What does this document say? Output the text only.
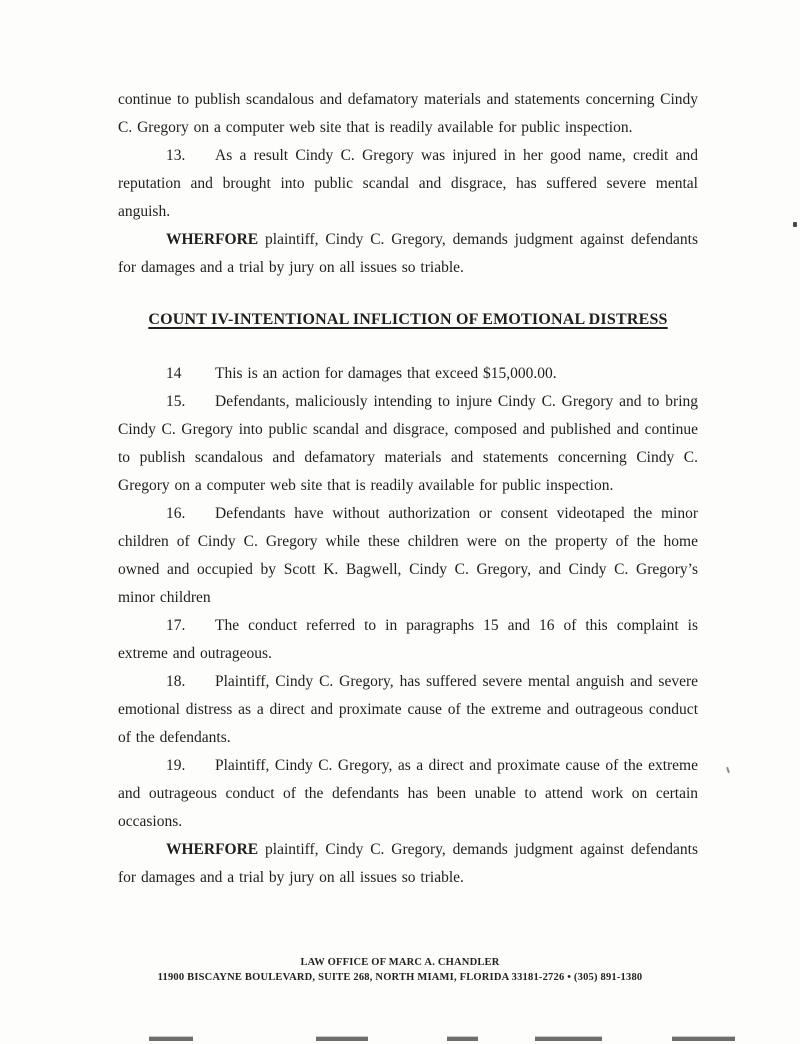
continue to publish scandalous and defamatory materials and statements concerning Cindy C. Gregory on a computer web site that is readily available for public inspection.

13. As a result Cindy C. Gregory was injured in her good name, credit and reputation and brought into public scandal and disgrace, has suffered severe mental anguish.

WHERFORE plaintiff, Cindy C. Gregory, demands judgment against defendants for damages and a trial by jury on all issues so triable.

COUNT IV-INTENTIONAL INFLICTION OF EMOTIONAL DISTRESS

14 This is an action for damages that exceed $15,000.00.

15. Defendants, maliciously intending to injure Cindy C. Gregory and to bring Cindy C. Gregory into public scandal and disgrace, composed and published and continue to publish scandalous and defamatory materials and statements concerning Cindy C. Gregory on a computer web site that is readily available for public inspection.

16. Defendants have without authorization or consent videotaped the minor children of Cindy C. Gregory while these children were on the property of the home owned and occupied by Scott K. Bagwell, Cindy C. Gregory, and Cindy C. Gregory’s minor children

17. The conduct referred to in paragraphs 15 and 16 of this complaint is extreme and outrageous.

18. Plaintiff, Cindy C. Gregory, has suffered severe mental anguish and severe emotional distress as a direct and proximate cause of the extreme and outrageous conduct of the defendants.

19. Plaintiff, Cindy C. Gregory, as a direct and proximate cause of the extreme and outrageous conduct of the defendants has been unable to attend work on certain occasions.

WHERFORE plaintiff, Cindy C. Gregory, demands judgment against defendants for damages and a trial by jury on all issues so triable.

LAW OFFICE OF MARC A. CHANDLER
11900 BISCAYNE BOULEVARD, SUITE 268, NORTH MIAMI, FLORIDA 33181-2726 • (305) 891-1380
